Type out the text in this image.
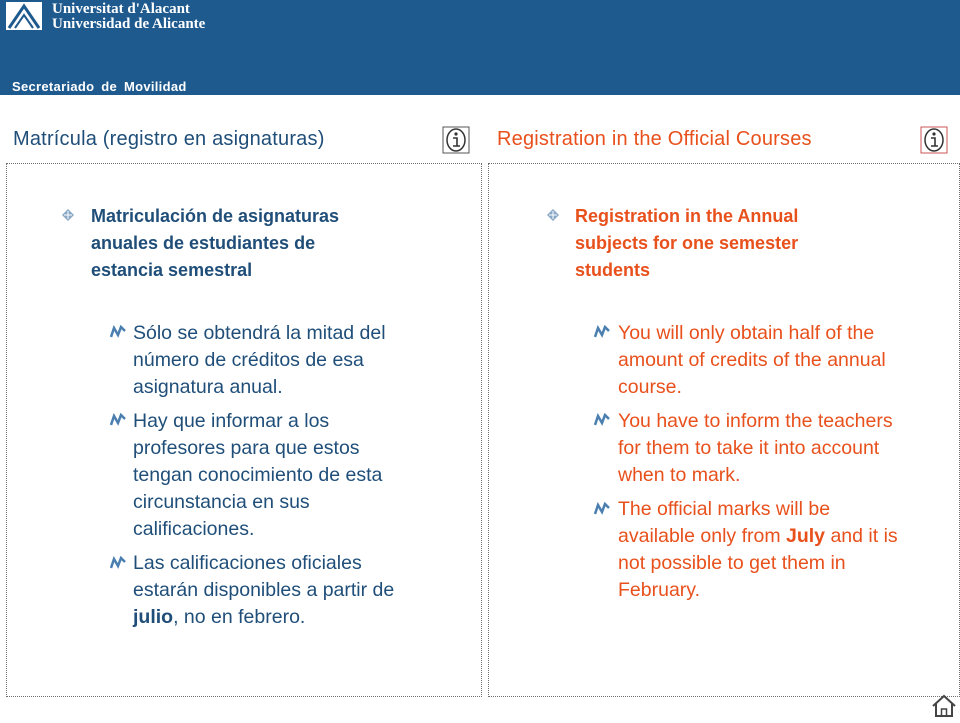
Universitat d'Alacant
Universidad de Alicante
Secretariado de Movilidad
Matrícula (registro en asignaturas)	Registration in the Official Courses
Matriculación de asignaturas
anuales de estudiantes de
estancia semestral
Sólo se obtendrá la mitad del
número de créditos de esa
asignatura anual.
Hay que informar a los
profesores para que estos
tengan conocimiento de esta
circunstancia en sus
calificaciones.
Las calificaciones oficiales
estarán disponibles a partir de
julio, no en febrero.
Registration in the Annual
subjects for one semester
students
You will only obtain half of the
amount of credits of the annual
course.
You have to inform the teachers
for them to take it into account
when to mark.
The official marks will be
available only from July and it is
not possible to get them in
February.
